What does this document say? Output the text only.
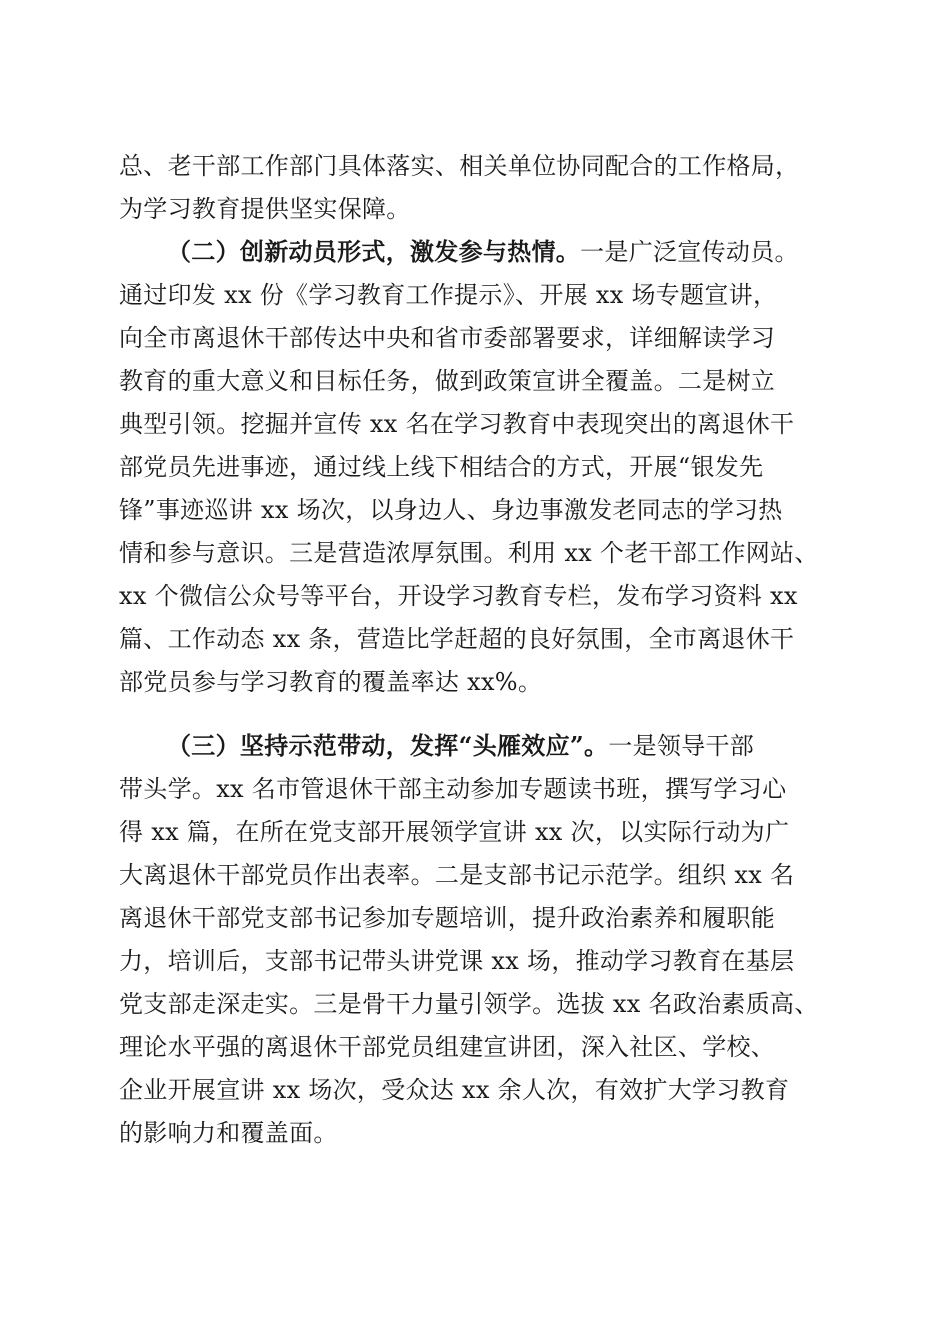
总、老干部工作部门具体落实、相关单位协同配合的工作格局，
为学习教育提供坚实保障。
（二）创新动员形式，激发参与热情。一是广泛宣传动员。
通过印发 xx 份《学习教育工作提示》、开展 xx 场专题宣讲，
向全市离退休干部传达中央和省市委部署要求，详细解读学习
教育的重大意义和目标任务，做到政策宣讲全覆盖。二是树立
典型引领。挖掘并宣传 xx 名在学习教育中表现突出的离退休干
部党员先进事迹，通过线上线下相结合的方式，开展“银发先
锋”事迹巡讲 xx 场次，以身边人、身边事激发老同志的学习热
情和参与意识。三是营造浓厚氛围。利用 xx 个老干部工作网站、
xx 个微信公众号等平台，开设学习教育专栏，发布学习资料 xx
篇、工作动态 xx 条，营造比学赶超的良好氛围，全市离退休干
部党员参与学习教育的覆盖率达 xx%。
（三）坚持示范带动，发挥“头雁效应”。一是领导干部
带头学。xx 名市管退休干部主动参加专题读书班，撰写学习心
得 xx 篇，在所在党支部开展领学宣讲 xx 次，以实际行动为广
大离退休干部党员作出表率。二是支部书记示范学。组织 xx 名
离退休干部党支部书记参加专题培训，提升政治素养和履职能
力，培训后，支部书记带头讲党课 xx 场，推动学习教育在基层
党支部走深走实。三是骨干力量引领学。选拔 xx 名政治素质高、
理论水平强的离退休干部党员组建宣讲团，深入社区、学校、
企业开展宣讲 xx 场次，受众达 xx 余人次，有效扩大学习教育
的影响力和覆盖面。
